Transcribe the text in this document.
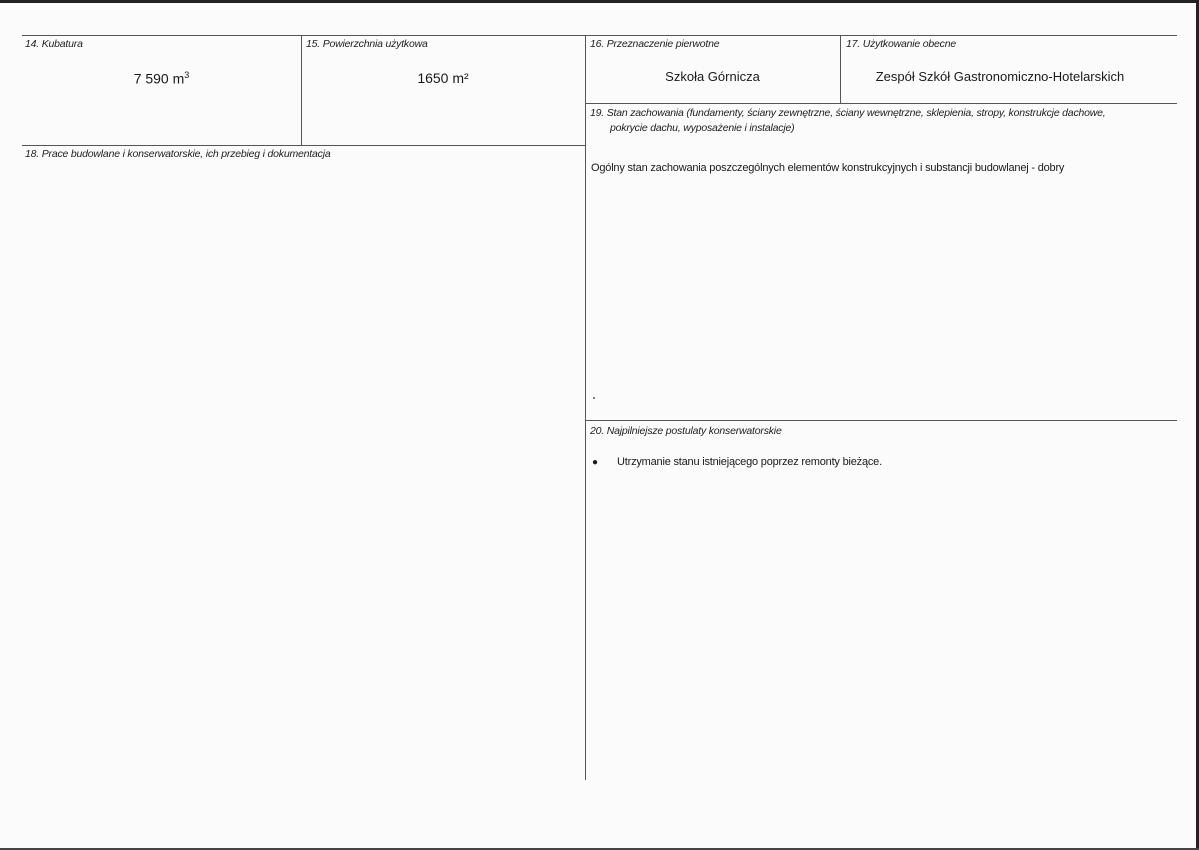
14. Kubatura
7 590 $m^3$
15. Powierzchnia użytkowa
1650 m²
16. Przeznaczenie pierwotne
Szkoła Górnicza
17. Użytkowanie obecne
Zespół Szkół Gastronomiczno-Hotelarskich
19. Stan zachowania (fundamenty, ściany zewnętrzne, ściany wewnętrzne, sklepienia, stropy, konstrukcje dachowe,
pokrycie dachu, wyposażenie i instalacje)
Ogólny stan zachowania poszczególnych elementów konstrukcyjnych i substancji budowlanej - dobry
18. Prace budowlane i konserwatorskie, ich przebieg i dokumentacja
20. Najpilniejsze postulaty konserwatorskie
● Utrzymanie stanu istniejącego poprzez remonty bieżące.
